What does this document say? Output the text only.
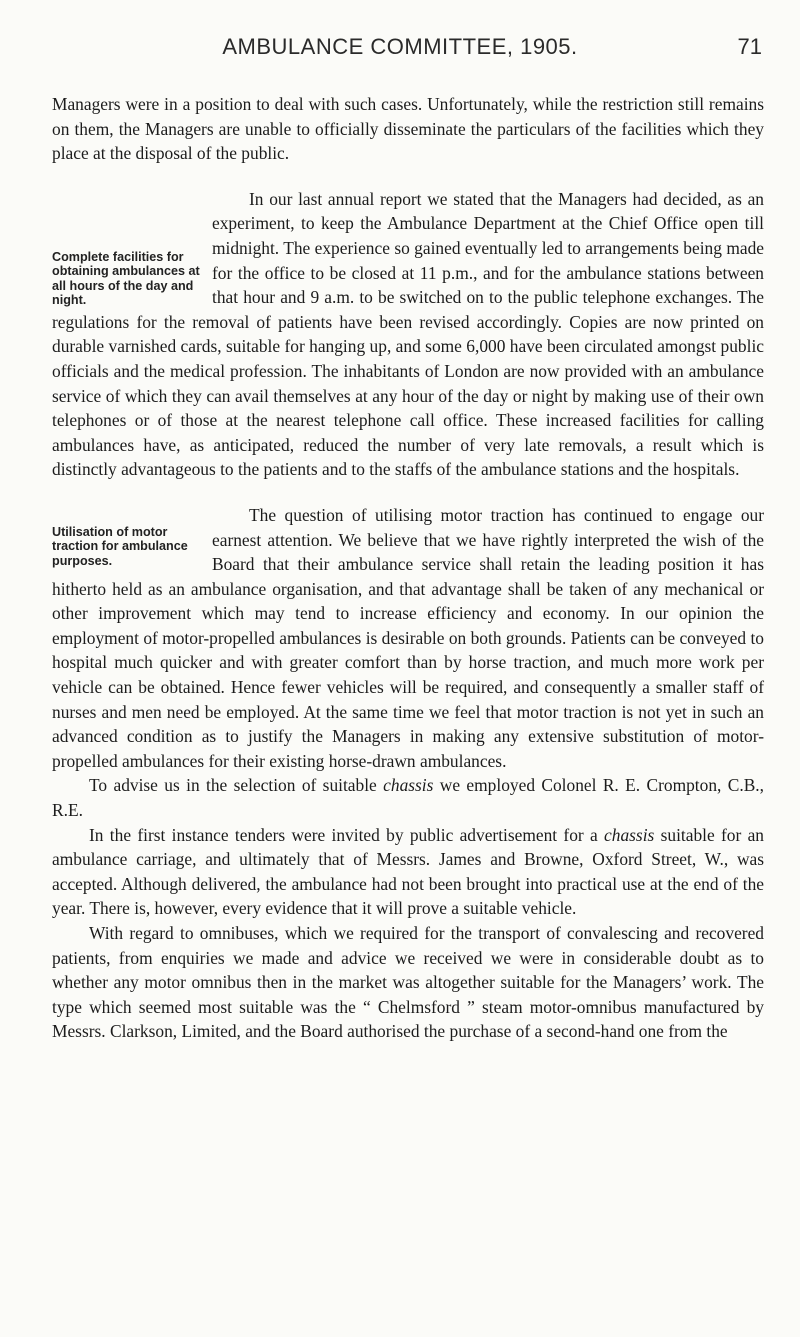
AMBULANCE COMMITTEE, 1905.	71

Managers were in a position to deal with such cases. Unfortunately, while the restriction still remains on them, the Managers are unable to officially disseminate the particulars of the facilities which they place at the disposal of the public.

Complete facilities for obtaining ambulances at all hours of the day and night.

In our last annual report we stated that the Managers had decided, as an experiment, to keep the Ambulance Department at the Chief Office open till midnight. The experience so gained eventually led to arrangements being made for the office to be closed at 11 p.m., and for the ambulance stations between that hour and 9 a.m. to be switched on to the public telephone exchanges. The regulations for the removal of patients have been revised accordingly. Copies are now printed on durable varnished cards, suitable for hanging up, and some 6,000 have been circulated amongst public officials and the medical profession. The inhabitants of London are now provided with an ambulance service of which they can avail themselves at any hour of the day or night by making use of their own telephones or of those at the nearest telephone call office. These increased facilities for calling ambulances have, as anticipated, reduced the number of very late removals, a result which is distinctly advantageous to the patients and to the staffs of the ambulance stations and the hospitals.

Utilisation of motor traction for ambulance purposes.

The question of utilising motor traction has continued to engage our earnest attention. We believe that we have rightly interpreted the wish of the Board that their ambulance service shall retain the leading position it has hitherto held as an ambulance organisation, and that advantage shall be taken of any mechanical or other improvement which may tend to increase efficiency and economy. In our opinion the employment of motor-propelled ambulances is desirable on both grounds. Patients can be conveyed to hospital much quicker and with greater comfort than by horse traction, and much more work per vehicle can be obtained. Hence fewer vehicles will be required, and consequently a smaller staff of nurses and men need be employed. At the same time we feel that motor traction is not yet in such an advanced condition as to justify the Managers in making any extensive substitution of motor-propelled ambulances for their existing horse-drawn ambulances.

To advise us in the selection of suitable chassis we employed Colonel R. E. Crompton, C.B., R.E.

In the first instance tenders were invited by public advertisement for a chassis suitable for an ambulance carriage, and ultimately that of Messrs. James and Browne, Oxford Street, W., was accepted. Although delivered, the ambulance had not been brought into practical use at the end of the year. There is, however, every evidence that it will prove a suitable vehicle.

With regard to omnibuses, which we required for the transport of convalescing and recovered patients, from enquiries we made and advice we received we were in considerable doubt as to whether any motor omnibus then in the market was altogether suitable for the Managers’ work. The type which seemed most suitable was the “ Chelmsford ” steam motor-omnibus manufactured by Messrs. Clarkson, Limited, and the Board authorised the purchase of a second-hand one from the
